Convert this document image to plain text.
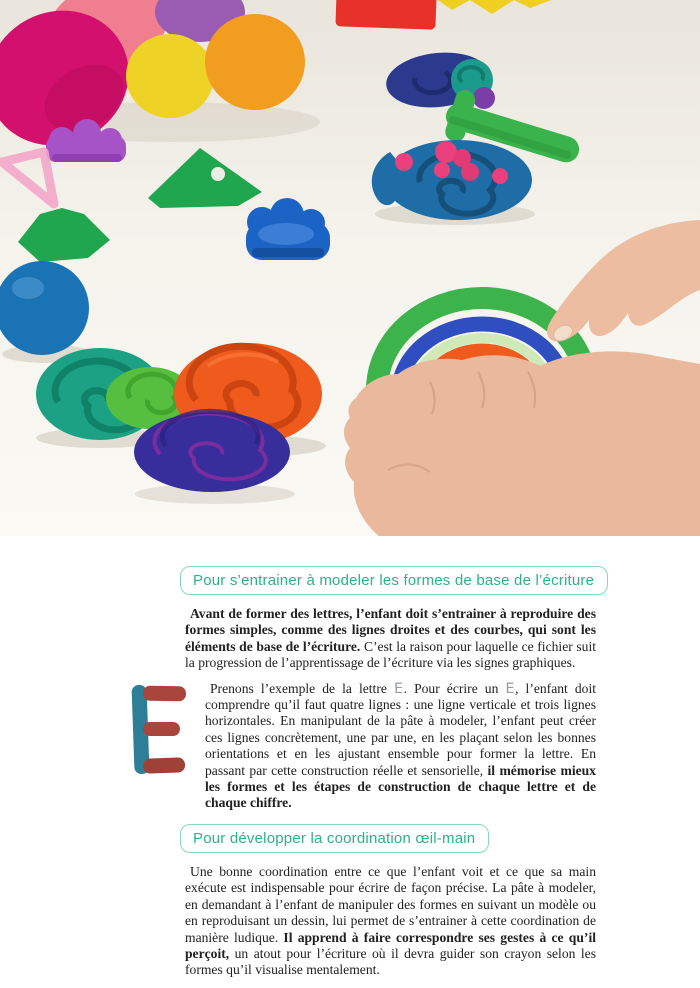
Pour s’entrainer à modeler les formes de base de l’écriture

Avant de former des lettres, l’enfant doit s’entrainer à reproduire des formes simples, comme des lignes droites et des courbes, qui sont les éléments de base de l’écriture. C’est la raison pour laquelle ce fichier suit la progression de l’apprentissage de l’écriture via les signes graphiques.

Prenons l’exemple de la lettre E. Pour écrire un E, l’enfant doit comprendre qu’il faut quatre lignes : une ligne verticale et trois lignes horizontales. En manipulant de la pâte à modeler, l’enfant peut créer ces lignes concrètement, une par une, en les plaçant selon les bonnes orientations et en les ajustant ensemble pour former la lettre. En passant par cette construction réelle et sensorielle, il mémorise mieux les formes et les étapes de construction de chaque lettre et de chaque chiffre.

Pour développer la coordination œil-main

Une bonne coordination entre ce que l’enfant voit et ce que sa main exécute est indispensable pour écrire de façon précise. La pâte à modeler, en demandant à l’enfant de manipuler des formes en suivant un modèle ou en reproduisant un dessin, lui permet de s’entrainer à cette coordination de manière ludique. Il apprend à faire correspondre ses gestes à ce qu’il perçoit, un atout pour l’écriture où il devra guider son crayon selon les formes qu’il visualise mentalement.
